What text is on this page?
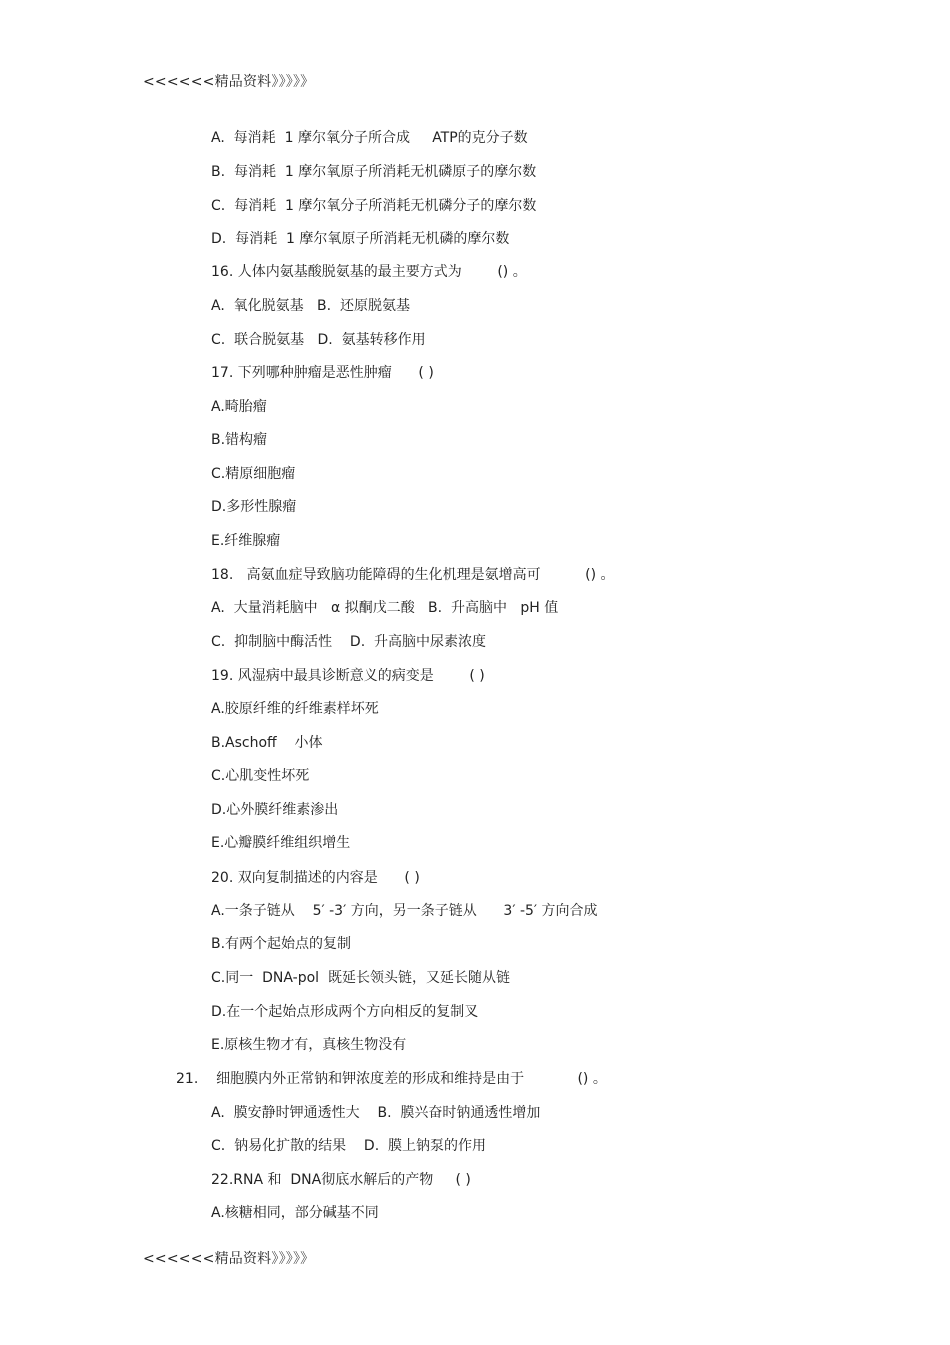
<<<<<<精品资料》》》》》
A.  每消耗  1 摩尔氧分子所合成     ATP的克分子数
B.  每消耗  1 摩尔氧原子所消耗无机磷原子的摩尔数
C.  每消耗  1 摩尔氧分子所消耗无机磷分子的摩尔数
D.  每消耗  1 摩尔氧原子所消耗无机磷的摩尔数
16. 人体内氨基酸脱氨基的最主要方式为        () 。
A.  氧化脱氨基   B.  还原脱氨基
C.  联合脱氨基   D.  氨基转移作用
17. 下列哪种肿瘤是恶性肿瘤      ( )
A.畸胎瘤
B.错构瘤
C.精原细胞瘤
D.多形性腺瘤
E.纤维腺瘤
18.   高氨血症导致脑功能障碍的生化机理是氨增高可          () 。
A.  大量消耗脑中   α 拟酮戊二酸   B.  升高脑中   pH 值
C.  抑制脑中酶活性    D.  升高脑中尿素浓度
19. 风湿病中最具诊断意义的病变是        ( )
A.胶原纤维的纤维素样坏死
B.Aschoff    小体
C.心肌变性坏死
D.心外膜纤维素渗出
E.心瓣膜纤维组织增生
20. 双向复制描述的内容是      ( )
A.一条子链从    5′ -3′ 方向，另一条子链从      3′ -5′ 方向合成
B.有两个起始点的复制
C.同一  DNA-pol  既延长领头链，又延长随从链
D.在一个起始点形成两个方向相反的复制叉
E.原核生物才有，真核生物没有
21.    细胞膜内外正常钠和钾浓度差的形成和维持是由于            () 。
A.  膜安静时钾通透性大    B.  膜兴奋时钠通透性增加
C.  钠易化扩散的结果    D.  膜上钠泵的作用
22.RNA 和  DNA彻底水解后的产物     ( )
A.核糖相同，部分碱基不同
<<<<<<精品资料》》》》》
